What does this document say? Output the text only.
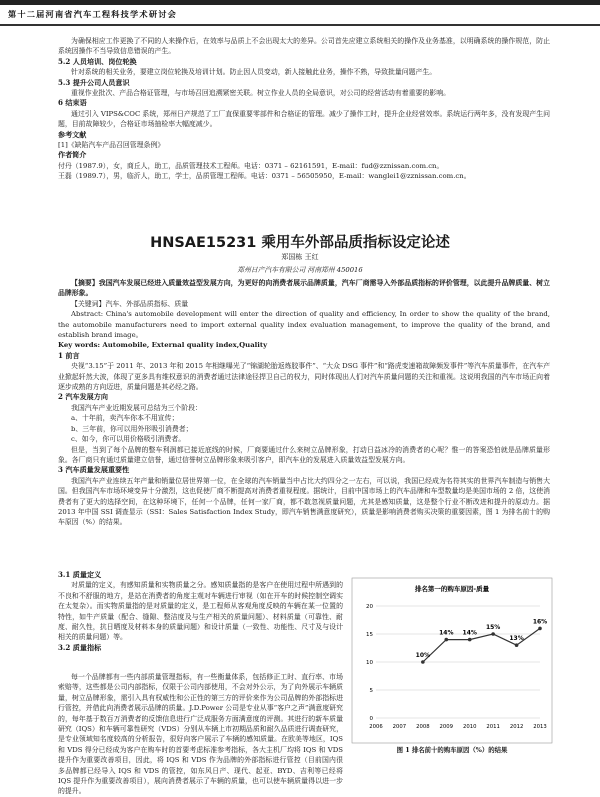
第十二届河南省汽车工程科技学术研讨会
为确保相应工作更换了不同的人来操作后，在效率与品质上不会出现太大的差异。公司首先应建立系统相关的操作及业务基准，以明确系统的操作规范，防止系统因操作不当导致信息错误的产生。
5.2 人员培训、岗位轮换
针对系统的相关业务，要建立岗位轮换及培训计划。防止因人员变动，新人接触此业务，操作不熟，导致批量问题产生。
5.3 提升公司人员意识
重视作业批次、产品合格证管理，与市场召回追溯紧密关联。树立作业人员的全局意识，对公司的经营活动有着重要的影响。
6 结束语
通过引入 VIPS&COC 系统，郑州日产规范了工厂直保重要零部件和合格证的管理。减少了操作工时，提升企业经营效率。系统运行两年多，没有发现产生问题，目前故障较少，合格证市场抽检率大幅度减少。
参考文献
[1]《缺陷汽车产品召回管理条例》
作者简介
付丹（1987.9），女，商丘人，助工，品质管理技术工程师。电话：0371 – 62161591，E-mail：fud@zznissan.com.cn。
王磊（1989.7），男，临沂人，助工，学士，品质管理工程师。电话：0371 – 56505950，E-mail：wanglei1@zznissan.com.cn。
HNSAE15231 乘用车外部品质指标设定论述
郑国栋 王红
郑州日产汽车有限公司 河南郑州 450016
【摘要】我国汽车发展已经进入质量效益型发展方向，为更好的向消费者展示品牌质量，汽车厂商需导入外部品质指标的评价管理，以此提升品牌质量、树立品牌形象。
【关键词】汽车、外部品质指标、质量
Abstract: China's automobile development will enter the direction of quality and efficiency, In order to show the quality of the brand, the automobile manufacturers need to import external quality index evaluation management, to improve the quality of the brand, and establish brand image。
Key words: Automobile, External quality index,Quality
1 前言
央视“3.15”于 2011 年、2013 年和 2015 年相继曝光了“锦湖轮胎返炼胶事件”、“大众 DSG 事件”和“路虎变速箱故障频发事件”等汽车质量事件，在汽车产业掀起轩然大波，体现了更多具有维权意识的消费者通过法律途径捍卫自己的权力，同时体现出人们对汽车质量问题的关注和重视。这说明我国的汽车市场正向着逐步成熟的方向迈进，质量问题是其必经之路。
2 汽车发展方向
我国汽车产业近期发展可总结为三个阶段：
a、十年前，卖汽车你本不用宣传；
b、三年前，你可以用外形吸引消费者；
c、如今，你可以用价格吸引消费者。
但是，当到了每个品牌的整车利润都已接近底线的时候，厂商要通过什么来树立品牌形象，打动日益冰冷的消费者的心呢？惟一的答案恐怕就是品牌质量形象。各厂商只有通过质量建立信誉，通过信誉树立品牌形象来吸引客户，即汽车业的发展进入质量效益型发展方向。
3 汽车质量发展重要性
我国汽车产业连续五年产量和销量位居世界第一位，在全球的汽车销量当中占比大约四分之一左右，可以说，我国已经成为名符其实的世界汽车制造与销售大国。但我国汽车市场环境变异十分激烈，这也促使厂商不断提高对消费者重视程度。据统计，目前中国市场上的汽车品牌和车型数量均是美国市场的 2 倍，这使消费者有了更大的选择空间，在这种环境下，任何一个品牌，任何一家厂商，都不敢忽视质量问题，尤其是感知质量，这是整个行业不断改进和提升的原动力。据 2013 年中国 SSI 调查显示（SSI：Sales Satisfaction Index Study，即汽车销售满意度研究），质量是影响消费者购买决策的重要因素，图 1 为排名前十的购车原因（%）的结果。
3.1 质量定义
对质量的定义，有感知质量和实物质量之分。感知质量指的是客户在使用过程中所遇到的不良和不舒服的地方，是站在消费者的角度主观对车辆进行审视（如在开车的时候控制空调实在太复杂）。而实物质量指的是对质量的定义，是工程师从客观角度反映的车辆在某一位置的特性，如牛产质量（配合、缝隙、整洁度及与生产相关的质量问题）、材料质量（可靠性、耐度、耐久性，抗日晒度及材料本身的质量问题）和设计质量（一致性、功能性、尺寸及与设计相关的质量问题）等。
3.2 质量指标
每一个品牌都有一些内部质量管理指标，有一些衡量体系，包括修正工时、直行率、市场索赔等，这些都是公司内部指标，仅限于公司内部使用，不会对外公示，为了向外展示车辆质量，树立品牌形象，需引入具有权威性和公正性的第三方的评价来作为公司品牌的外部指标进行管控，并借此向消费者展示品牌的质量。J.D.Power 公司是专业从事“客户之声”满意度研究的，每年基于数百万消费者的反馈信息进行广泛成服务方面满意度的评测。其进行的新车质量研究（IQS）和车辆可靠性研究（VDS）分别从车辆上市初期品质和耐久品质进行调查研究，是专业领域知名度较高的分析报告，很好向客户展示了车辆的感知质量。在欧美等地区，IQS 和 VDS 得分已经成为客户在购车时的首要考虑标准参考指标，各大主机厂均将 IQS 和 VDS 提升作为重要改善项目，因此，将 IQS 和 VDS 作为品牌的外部指标进行管控（目前国内很多品牌都已经导入 IQS 和 VDS 的管控，如东风日产、现代、起亚、BYD、吉利等已经将 IQS 提升作为重要改善项目），展向消费者展示了车辆的质量，也可以使车辆质量得以进一步的提升。
排名第一的购车原因-质量
20
15
10
5
0
2006 2007 2008 2009 2010 2011 2012 2013
10%
14% 14%
15%
13%
16%
图 1 排名前十的购车原因（%）的结果
